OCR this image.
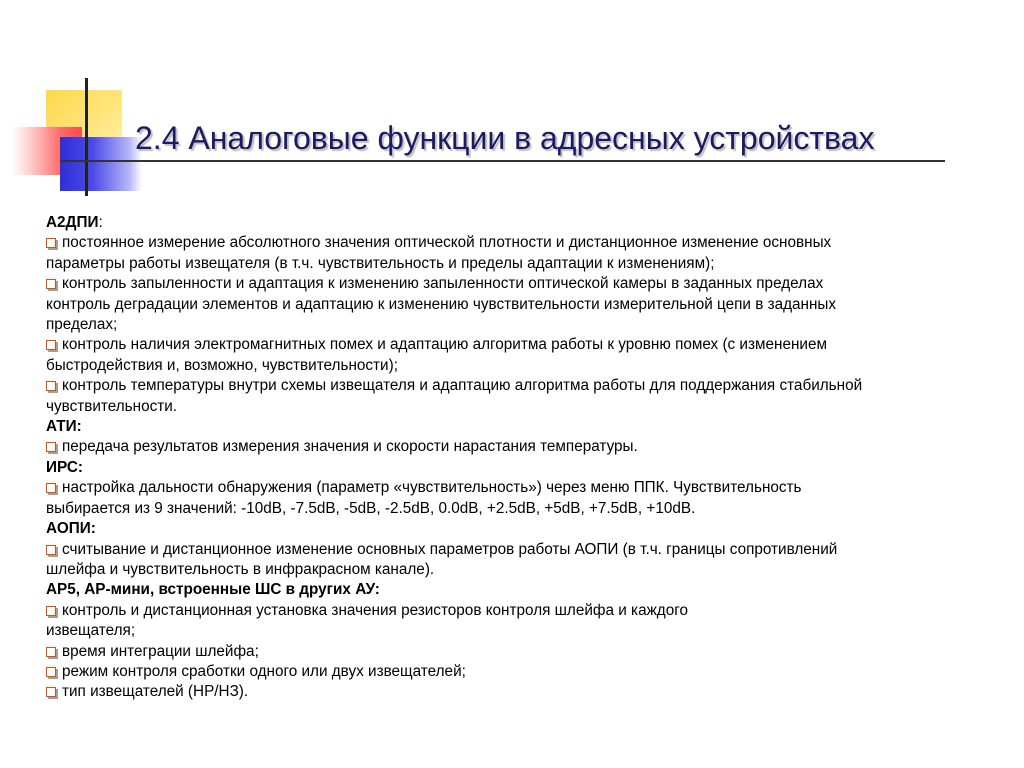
2.4 Аналоговые функции в адресных устройствах
А2ДПИ:
постоянное измерение абсолютного значения оптической плотности и дистанционное изменение основных
параметры работы извещателя (в т.ч. чувствительность и пределы адаптации к изменениям);
контроль запыленности и адаптация к изменению запыленности оптической камеры в заданных пределах
контроль деградации элементов и адаптацию к изменению чувствительности измерительной цепи в заданных
пределах;
контроль наличия электромагнитных помех и адаптацию алгоритма работы к уровню помех (с изменением
быстродействия и, возможно, чувствительности);
контроль температуры внутри схемы извещателя и адаптацию алгоритма работы для поддержания стабильной
чувствительности.
АТИ:
передача результатов измерения значения и скорости нарастания температуры.
ИРС:
настройка дальности обнаружения (параметр «чувствительность») через меню ППК. Чувствительность
выбирается из 9 значений: -10dB, -7.5dB, -5dB, -2.5dB, 0.0dB, +2.5dB, +5dB, +7.5dB, +10dB.
АОПИ:
считывание и дистанционное изменение основных параметров работы АОПИ (в т.ч. границы сопротивлений
шлейфа и чувствительность в инфракрасном канале).
АР5, АР-мини, встроенные ШС в других АУ:
контроль и дистанционная установка значения резисторов контроля шлейфа и каждого
извещателя;
время интеграции шлейфа;
режим контроля сработки одного или двух извещателей;
тип извещателей (НР/НЗ).
